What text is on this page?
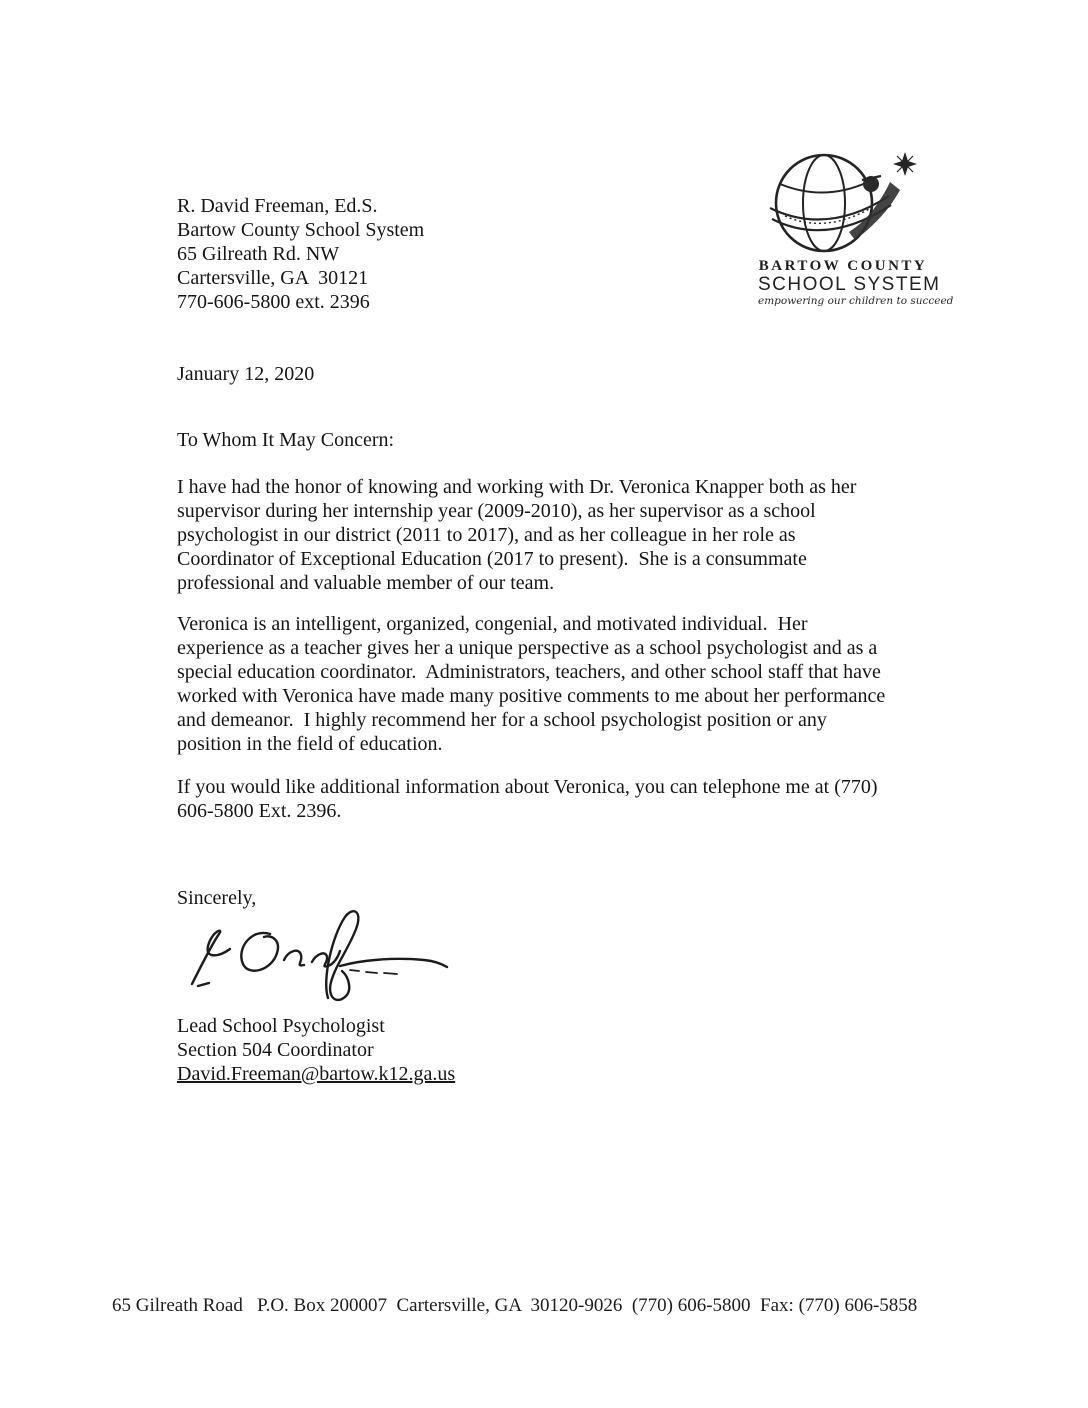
R. David Freeman, Ed.S.
Bartow County School System
65 Gilreath Rd. NW
Cartersville, GA  30121
770-606-5800 ext. 2396
BARTOW COUNTY
SCHOOL SYSTEM
empowering our children to succeed
January 12, 2020
To Whom It May Concern:
I have had the honor of knowing and working with Dr. Veronica Knapper both as her
supervisor during her internship year (2009-2010), as her supervisor as a school
psychologist in our district (2011 to 2017), and as her colleague in her role as
Coordinator of Exceptional Education (2017 to present).  She is a consummate
professional and valuable member of our team.
Veronica is an intelligent, organized, congenial, and motivated individual.  Her
experience as a teacher gives her a unique perspective as a school psychologist and as a
special education coordinator.  Administrators, teachers, and other school staff that have
worked with Veronica have made many positive comments to me about her performance
and demeanor.  I highly recommend her for a school psychologist position or any
position in the field of education.
If you would like additional information about Veronica, you can telephone me at (770)
606-5800 Ext. 2396.
Sincerely,
Lead School Psychologist
Section 504 Coordinator
David.Freeman@bartow.k12.ga.us
65 Gilreath Road   P.O. Box 200007  Cartersville, GA  30120-9026  (770) 606-5800  Fax: (770) 606-5858
